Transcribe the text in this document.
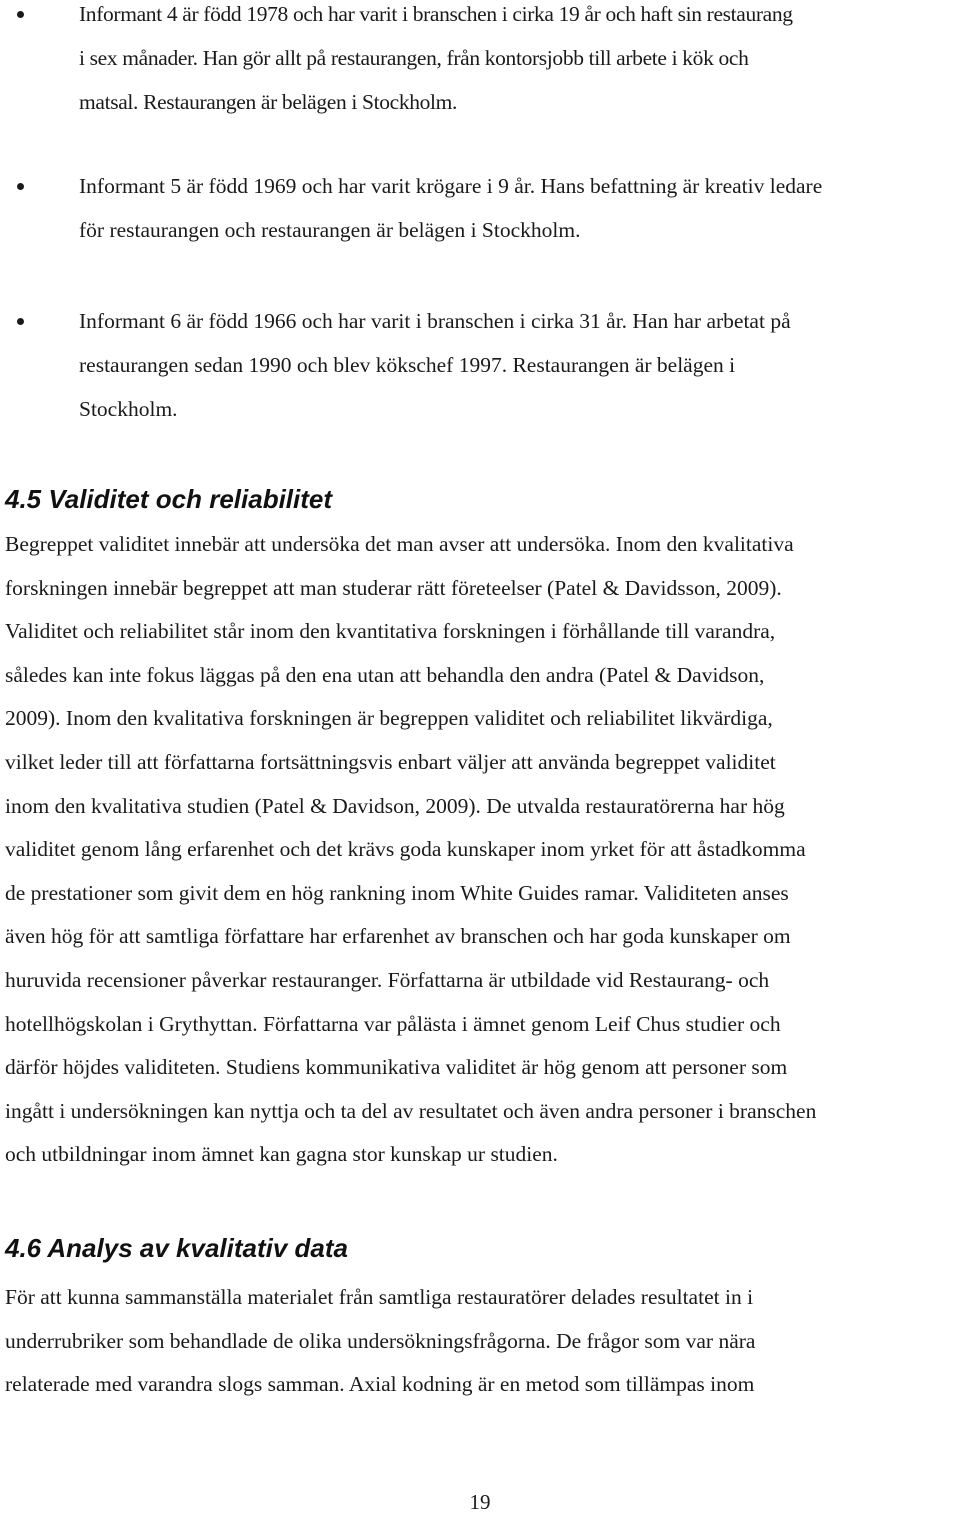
Informant 4 är född 1978 och har varit i branschen i cirka 19 år och haft sin restaurang
i sex månader. Han gör allt på restaurangen, från kontorsjobb till arbete i kök och
matsal. Restaurangen är belägen i Stockholm.

Informant 5 är född 1969 och har varit krögare i 9 år. Hans befattning är kreativ ledare
för restaurangen och restaurangen är belägen i Stockholm.

Informant 6 är född 1966 och har varit i branschen i cirka 31 år. Han har arbetat på
restaurangen sedan 1990 och blev kökschef 1997. Restaurangen är belägen i
Stockholm.

4.5 Validitet och reliabilitet

Begreppet validitet innebär att undersöka det man avser att undersöka. Inom den kvalitativa
forskningen innebär begreppet att man studerar rätt företeelser (Patel & Davidsson, 2009).
Validitet och reliabilitet står inom den kvantitativa forskningen i förhållande till varandra,
således kan inte fokus läggas på den ena utan att behandla den andra (Patel & Davidson,
2009). Inom den kvalitativa forskningen är begreppen validitet och reliabilitet likvärdiga,
vilket leder till att författarna fortsättningsvis enbart väljer att använda begreppet validitet
inom den kvalitativa studien (Patel & Davidson, 2009). De utvalda restauratörerna har hög
validitet genom lång erfarenhet och det krävs goda kunskaper inom yrket för att åstadkomma
de prestationer som givit dem en hög rankning inom White Guides ramar. Validiteten anses
även hög för att samtliga författare har erfarenhet av branschen och har goda kunskaper om
huruvida recensioner påverkar restauranger. Författarna är utbildade vid Restaurang- och
hotellhögskolan i Grythyttan. Författarna var pålästa i ämnet genom Leif Chus studier och
därför höjdes validiteten. Studiens kommunikativa validitet är hög genom att personer som
ingått i undersökningen kan nyttja och ta del av resultatet och även andra personer i branschen
och utbildningar inom ämnet kan gagna stor kunskap ur studien.

4.6 Analys av kvalitativ data

För att kunna sammanställa materialet från samtliga restauratörer delades resultatet in i
underrubriker som behandlade de olika undersökningsfrågorna. De frågor som var nära
relaterade med varandra slogs samman. Axial kodning är en metod som tillämpas inom

19
